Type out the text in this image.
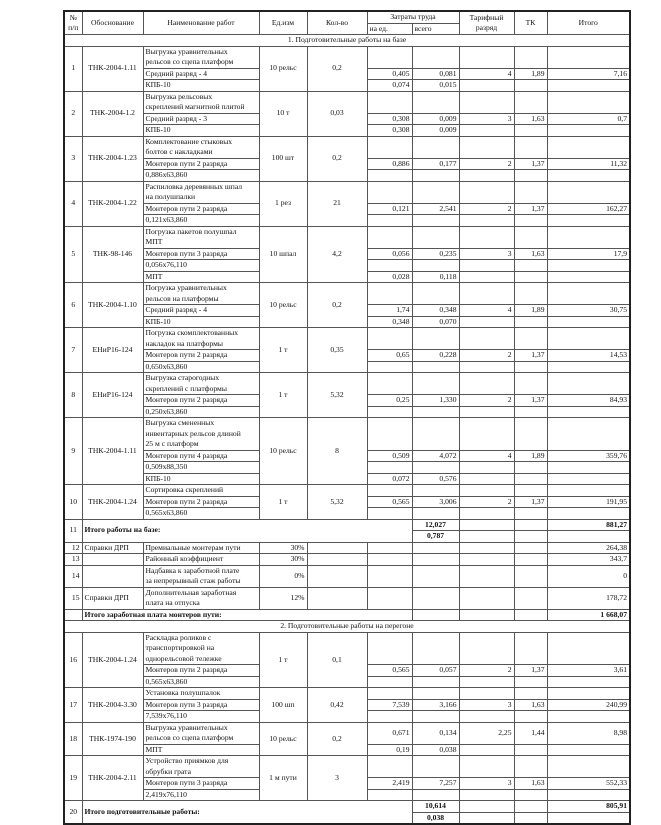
№
п/п	Обоснование	Наименование работ	Ед.изм	Кол-во	Затраты труда		Тарифный
разряд	ТК	Итого
					на ед.	всего			
1. Подготовительные работы на базе									
1	ТНК-2004-1.11	Выгрузка уравнительных
рельсов со сцепа платформ	10 рельс	0,2					
		Средний разряд - 4			0,405	0,081	4	1,89	7,16
		КПБ-10			0,074	0,015			
2	ТНК-2004-1.2	Выгрузка рельсовых
скреплений магнитной плитой	10 т	0,03					
		Средний разряд - 3			0,308	0,009	3	1,63	0,7
		КПБ-10			0,308	0,009			
3	ТНК-2004-1.23	Комплектование стыковых
болтов с накладками	100 шт	0,2					
		Монтеров пути 2 разряда			0,886	0,177	2	1,37	11,32
		0,886x63,860							
4	ТНК-2004-1.22	Распиловка деревянных шпал
на полушпалки	1 рез	21					
		Монтеров пути 2 разряда			0,121	2,541	2	1,37	162,27
		0,121x63,860							
5	ТНК-98-146	Погрузка пакетов полушпал
МПТ	10 шпал	4,2					
		Монтеров пути 3 разряда			0,056	0,235	3	1,63	17,9
		0,056x76,110							
		МПТ			0,028	0,118			
6	ТНК-2004-1.10	Погрузка уравнительных
рельсов на платформы	10 рельс	0,2					
		Средний разряд - 4			1,74	0,348	4	1,89	30,75
		КПБ-10			0,348	0,070			
7	ЕНиР16-124	Погрузка скомплектованных
накладок на платформы	1 т	0,35					
		Монтеров пути 2 разряда			0,65	0,228	2	1,37	14,53
		0,650x63,860							
8	ЕНиР16-124	Выгрузка старогодных
скреплений с платформы	1 т	5,32					
		Монтеров пути 2 разряда			0,25	1,330	2	1,37	84,93
		0,250x63,860							
9	ТНК-2004-1.11	Выгрузка смененных
инвентарных рельсов длиной
25 м с платформ	10 рельс	8					
		Монтеров пути 4 разряда			0,509	4,072	4	1,89	359,76
		0,509x88,350							
		КПБ-10			0,072	0,576			
10	ТНК-2004-1.24	Сортировка скреплений	1 т	5,32					
		Монтеров пути 2 разряда			0,565	3,006	2	1,37	191,95
		0,565x63,860							
11	Итого работы на базе:					12,027			881,27
						0,787			
12	Справки ДРП	Премиальные монтерам пути	30%						264,38
13		Районный коэффициент	30%						343,7
14		Надбавка к заработной плате
за непрерывный стаж работы	0%						0
15	Справки ДРП	Дополнительная заработная
плата на отпуска	12%						178,72
	Итого заработная плата монтеров пути:								1 668,07
2. Подготовительные работы на перегоне									
16	ТНК-2004-1.24	Раскладка роликов с
транспортировкой на
однорельсовой тележке	1 т	0,1					
		Монтеров пути 2 разряда			0,565	0,057	2	1,37	3,61
		0,565x63,860							
17	ТНК-2004-3.30	Установка полушпалок	100 шп	0,42					
		Монтеров пути 3 разряда			7,539	3,166	3	1,63	240,99
		7,539x76,110							
18	ТНК-1974-190	Выгрузка уравнительных
рельсов со сцепа платформ	10 рельс	0,2	0,671	0,134	2,25	1,44	8,98
		МПТ			0,19	0,038			
19	ТНК-2004-2.11	Устройство приямков для
обрубки грата	1 м пути	3					
		Монтеров пути 3 разряда			2,419	7,257	3	1,63	552,33
		2,419x76,110							
20	Итого подготовительные работы:					10,614			805,91
						0,038			
